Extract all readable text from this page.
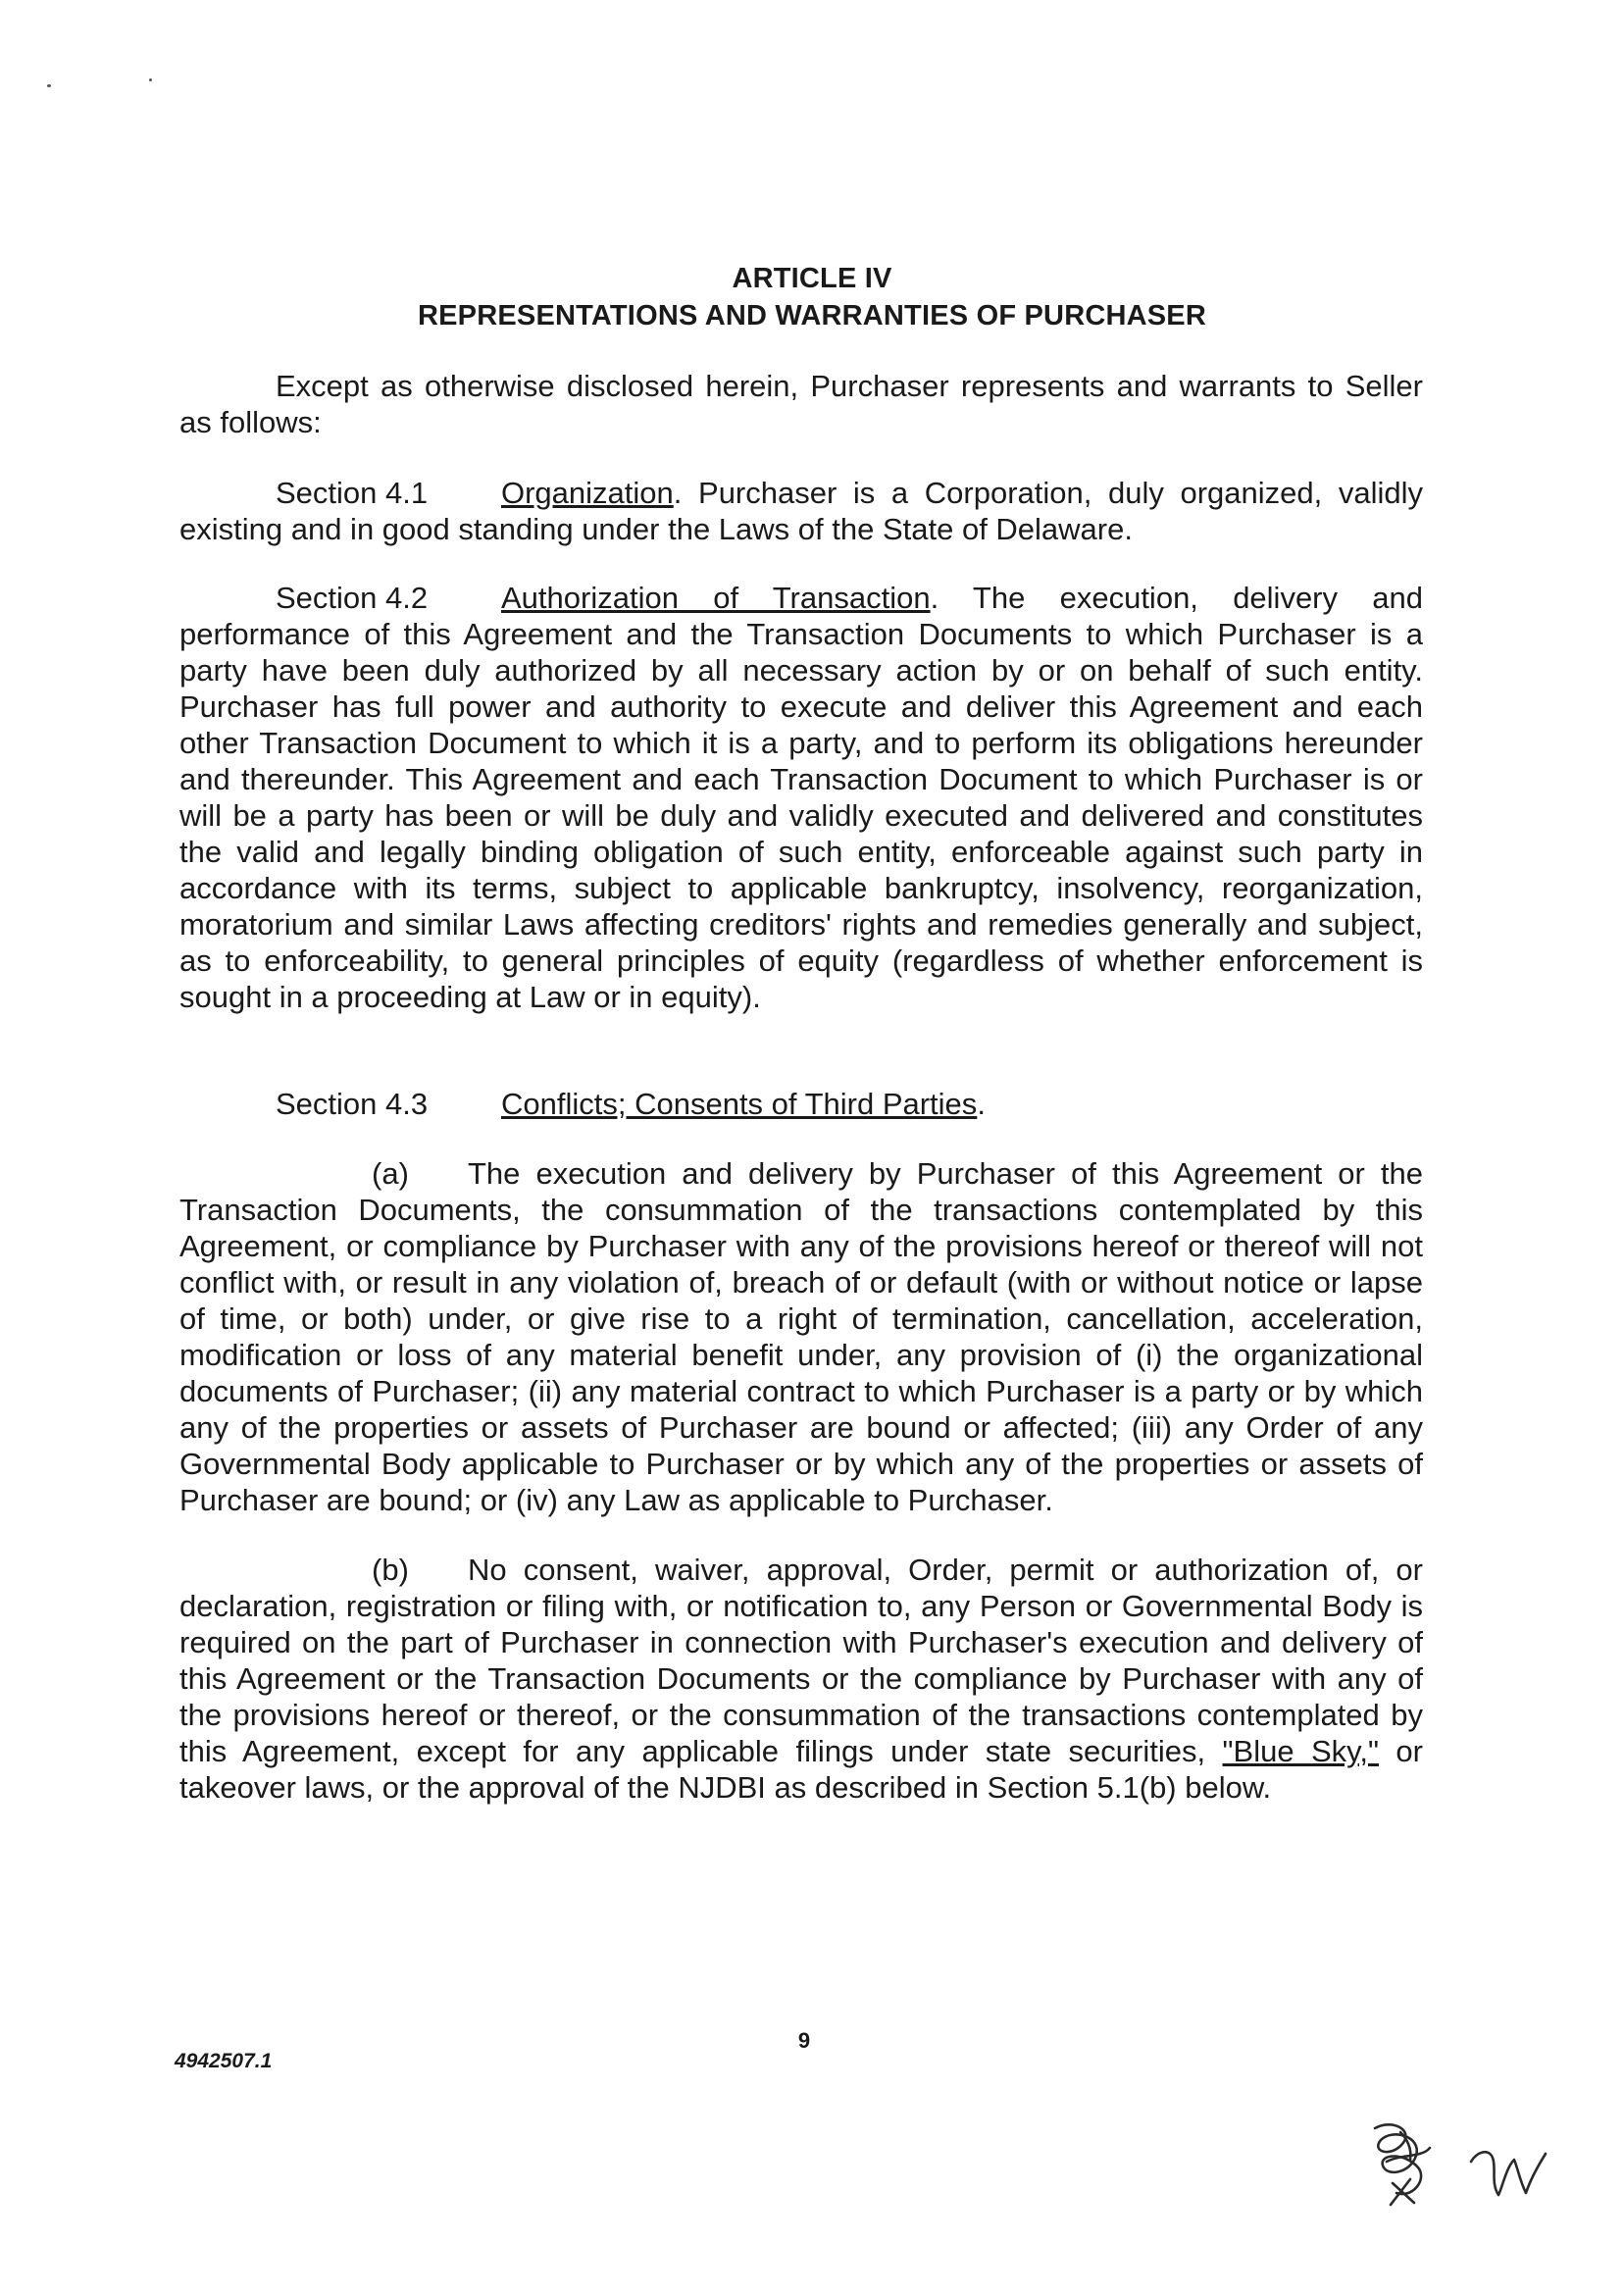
ARTICLE IV
REPRESENTATIONS AND WARRANTIES OF PURCHASER
Except as otherwise disclosed herein, Purchaser represents and warrants to Seller as follows:
Section 4.1 Organization. Purchaser is a Corporation, duly organized, validly existing and in good standing under the Laws of the State of Delaware.
Section 4.2 Authorization of Transaction. The execution, delivery and performance of this Agreement and the Transaction Documents to which Purchaser is a party have been duly authorized by all necessary action by or on behalf of such entity. Purchaser has full power and authority to execute and deliver this Agreement and each other Transaction Document to which it is a party, and to perform its obligations hereunder and thereunder. This Agreement and each Transaction Document to which Purchaser is or will be a party has been or will be duly and validly executed and delivered and constitutes the valid and legally binding obligation of such entity, enforceable against such party in accordance with its terms, subject to applicable bankruptcy, insolvency, reorganization, moratorium and similar Laws affecting creditors' rights and remedies generally and subject, as to enforceability, to general principles of equity (regardless of whether enforcement is sought in a proceeding at Law or in equity).
Section 4.3 Conflicts; Consents of Third Parties.
(a) The execution and delivery by Purchaser of this Agreement or the Transaction Documents, the consummation of the transactions contemplated by this Agreement, or compliance by Purchaser with any of the provisions hereof or thereof will not conflict with, or result in any violation of, breach of or default (with or without notice or lapse of time, or both) under, or give rise to a right of termination, cancellation, acceleration, modification or loss of any material benefit under, any provision of (i) the organizational documents of Purchaser; (ii) any material contract to which Purchaser is a party or by which any of the properties or assets of Purchaser are bound or affected; (iii) any Order of any Governmental Body applicable to Purchaser or by which any of the properties or assets of Purchaser are bound; or (iv) any Law as applicable to Purchaser.
(b) No consent, waiver, approval, Order, permit or authorization of, or declaration, registration or filing with, or notification to, any Person or Governmental Body is required on the part of Purchaser in connection with Purchaser's execution and delivery of this Agreement or the Transaction Documents or the compliance by Purchaser with any of the provisions hereof or thereof, or the consummation of the transactions contemplated by this Agreement, except for any applicable filings under state securities, "Blue Sky," or takeover laws, or the approval of the NJDBI as described in Section 5.1(b) below.
9
4942507.1
